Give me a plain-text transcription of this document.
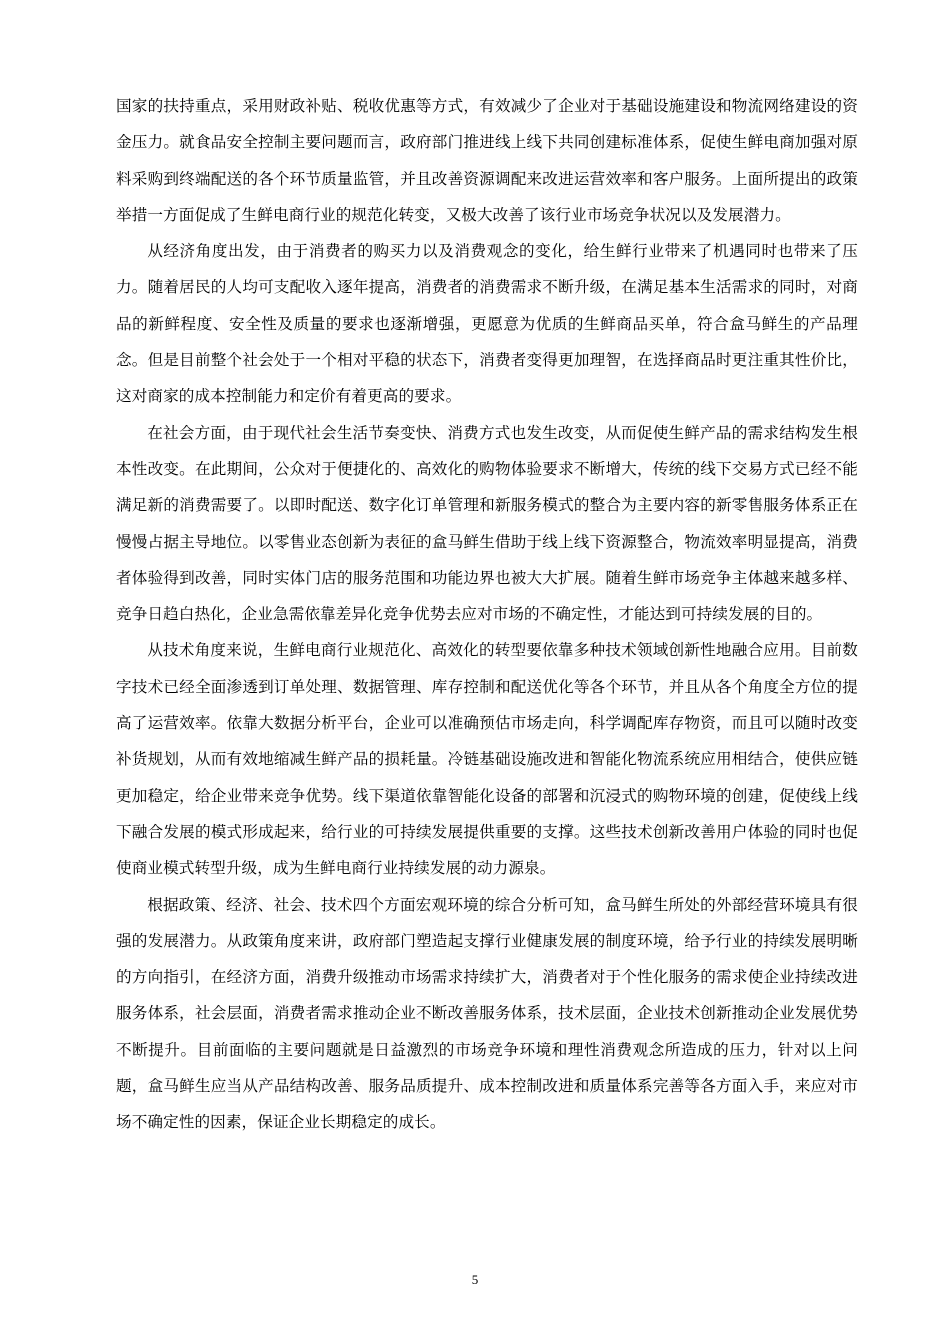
国家的扶持重点，采用财政补贴、税收优惠等方式，有效减少了企业对于基础设施建设和物流网络建设的资金压力。就食品安全控制主要问题而言，政府部门推进线上线下共同创建标准体系，促使生鲜电商加强对原料采购到终端配送的各个环节质量监管，并且改善资源调配来改进运营效率和客户服务。上面所提出的政策举措一方面促成了生鲜电商行业的规范化转变，又极大改善了该行业市场竞争状况以及发展潜力。

从经济角度出发，由于消费者的购买力以及消费观念的变化，给生鲜行业带来了机遇同时也带来了压力。随着居民的人均可支配收入逐年提高，消费者的消费需求不断升级，在满足基本生活需求的同时，对商品的新鲜程度、安全性及质量的要求也逐渐增强，更愿意为优质的生鲜商品买单，符合盒马鲜生的产品理念。但是目前整个社会处于一个相对平稳的状态下，消费者变得更加理智，在选择商品时更注重其性价比，这对商家的成本控制能力和定价有着更高的要求。

在社会方面，由于现代社会生活节奏变快、消费方式也发生改变，从而促使生鲜产品的需求结构发生根本性改变。在此期间，公众对于便捷化的、高效化的购物体验要求不断增大，传统的线下交易方式已经不能满足新的消费需要了。以即时配送、数字化订单管理和新服务模式的整合为主要内容的新零售服务体系正在慢慢占据主导地位。以零售业态创新为表征的盒马鲜生借助于线上线下资源整合，物流效率明显提高，消费者体验得到改善，同时实体门店的服务范围和功能边界也被大大扩展。随着生鲜市场竞争主体越来越多样、竞争日趋白热化，企业急需依靠差异化竞争优势去应对市场的不确定性，才能达到可持续发展的目的。

从技术角度来说，生鲜电商行业规范化、高效化的转型要依靠多种技术领域创新性地融合应用。目前数字技术已经全面渗透到订单处理、数据管理、库存控制和配送优化等各个环节，并且从各个角度全方位的提高了运营效率。依靠大数据分析平台，企业可以准确预估市场走向，科学调配库存物资，而且可以随时改变补货规划，从而有效地缩减生鲜产品的损耗量。冷链基础设施改进和智能化物流系统应用相结合，使供应链更加稳定，给企业带来竞争优势。线下渠道依靠智能化设备的部署和沉浸式的购物环境的创建，促使线上线下融合发展的模式形成起来，给行业的可持续发展提供重要的支撑。这些技术创新改善用户体验的同时也促使商业模式转型升级，成为生鲜电商行业持续发展的动力源泉。

根据政策、经济、社会、技术四个方面宏观环境的综合分析可知，盒马鲜生所处的外部经营环境具有很强的发展潜力。从政策角度来讲，政府部门塑造起支撑行业健康发展的制度环境，给予行业的持续发展明晰的方向指引，在经济方面，消费升级推动市场需求持续扩大，消费者对于个性化服务的需求使企业持续改进服务体系，社会层面，消费者需求推动企业不断改善服务体系，技术层面，企业技术创新推动企业发展优势不断提升。目前面临的主要问题就是日益激烈的市场竞争环境和理性消费观念所造成的压力，针对以上问题，盒马鲜生应当从产品结构改善、服务品质提升、成本控制改进和质量体系完善等各方面入手，来应对市场不确定性的因素，保证企业长期稳定的成长。

5
